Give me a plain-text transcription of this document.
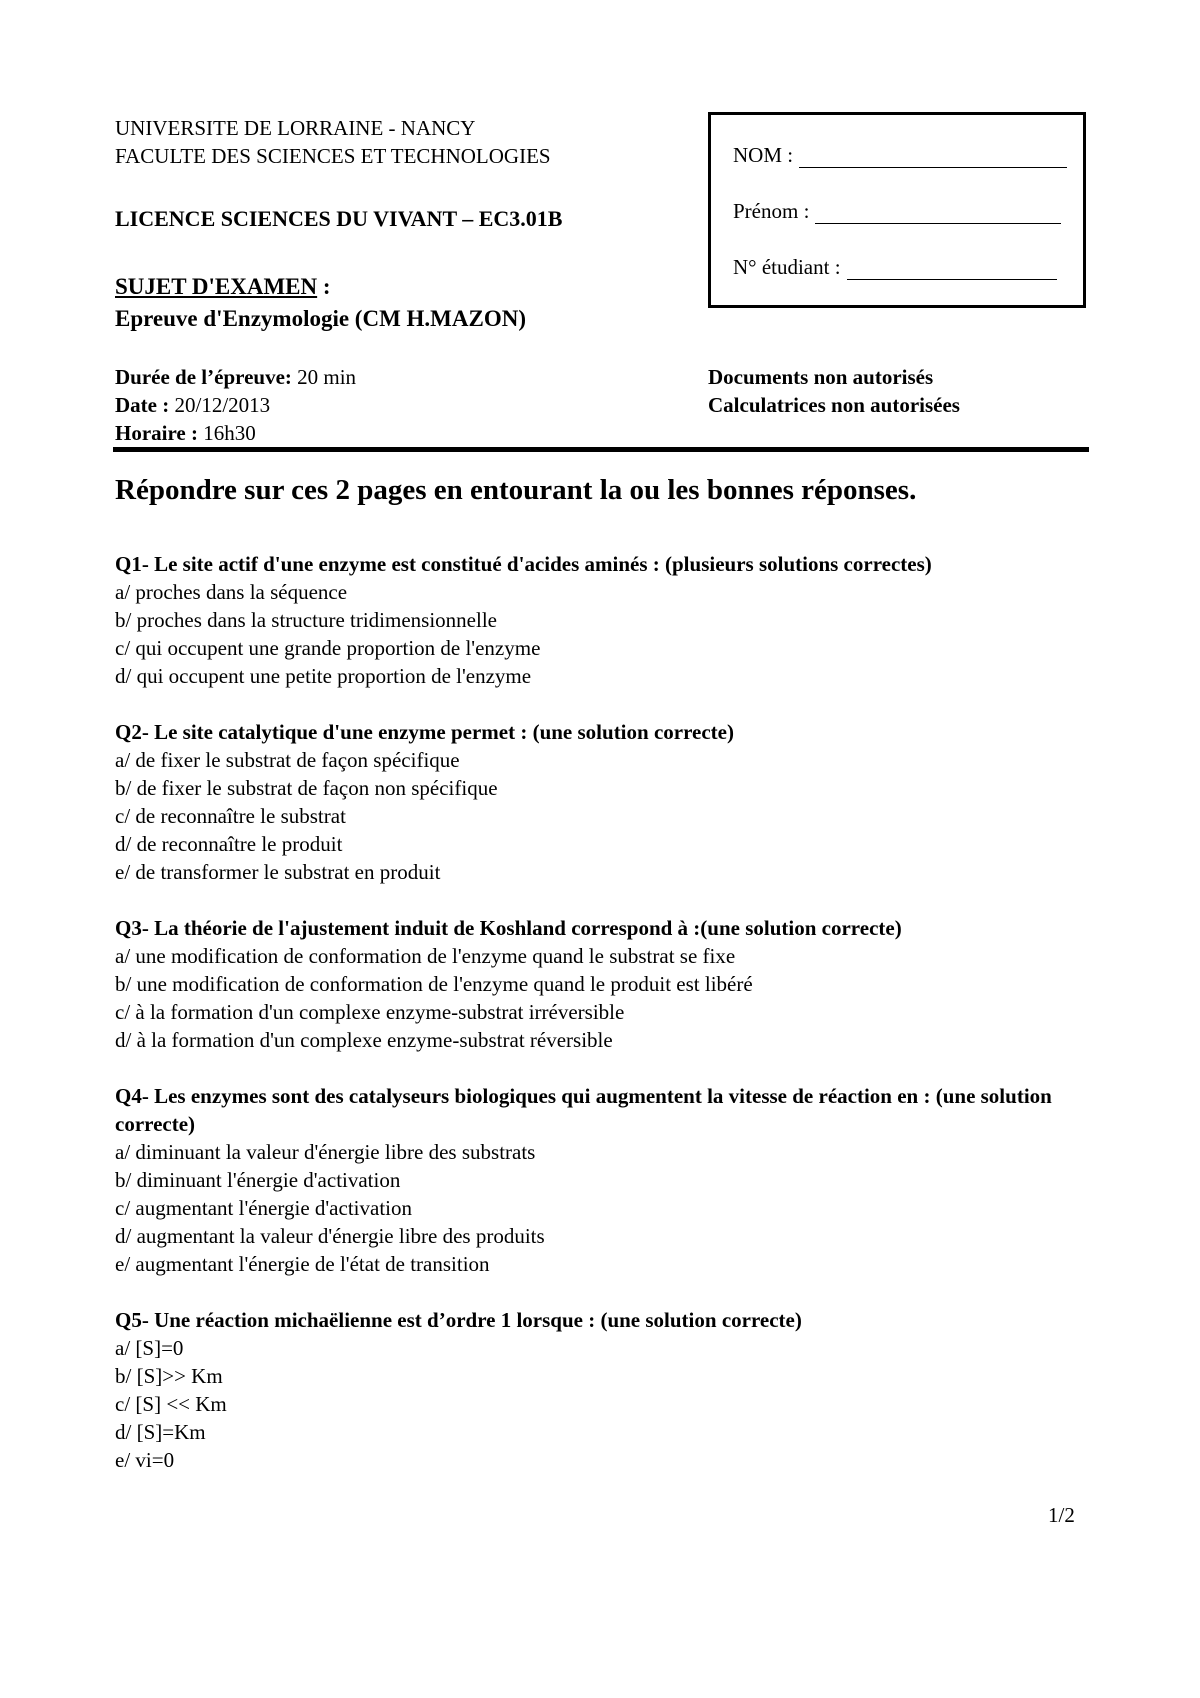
UNIVERSITE DE LORRAINE - NANCY
FACULTE DES SCIENCES ET TECHNOLOGIES
LICENCE SCIENCES DU VIVANT – EC3.01B
SUJET D'EXAMEN :
Epreuve d'Enzymologie (CM H.MAZON)
NOM :
Prénom :
N° étudiant :
Durée de l’épreuve: 20 min
Date : 20/12/2013
Horaire : 16h30
Documents non autorisés
Calculatrices non autorisées
Répondre sur ces 2 pages en entourant la ou les bonnes réponses.
Q1- Le site actif d'une enzyme est constitué d'acides aminés : (plusieurs solutions correctes)
a/ proches dans la séquence
b/ proches dans la structure tridimensionnelle
c/ qui occupent une grande proportion de l'enzyme
d/ qui occupent une petite proportion de l'enzyme
Q2- Le site catalytique d'une enzyme permet : (une solution correcte)
a/ de fixer le substrat de façon spécifique
b/ de fixer le substrat de façon non spécifique
c/ de reconnaître le substrat
d/ de reconnaître le produit
e/ de transformer le substrat en produit
Q3- La théorie de l'ajustement induit de Koshland correspond à :(une solution correcte)
a/ une modification de conformation de l'enzyme quand le substrat se fixe
b/ une modification de conformation de l'enzyme quand le produit est libéré
c/ à la formation d'un complexe enzyme-substrat irréversible
d/ à la formation d'un complexe enzyme-substrat réversible
Q4- Les enzymes sont des catalyseurs biologiques qui augmentent la vitesse de réaction en : (une solution correcte)
a/ diminuant la valeur d'énergie libre des substrats
b/ diminuant l'énergie d'activation
c/ augmentant l'énergie d'activation
d/ augmentant la valeur d'énergie libre des produits
e/ augmentant l'énergie de l'état de transition
Q5- Une réaction michaëlienne est d’ordre 1 lorsque : (une solution correcte)
a/ [S]=0
b/ [S]>> Km
c/ [S] << Km
d/ [S]=Km
e/ vi=0
1/2
